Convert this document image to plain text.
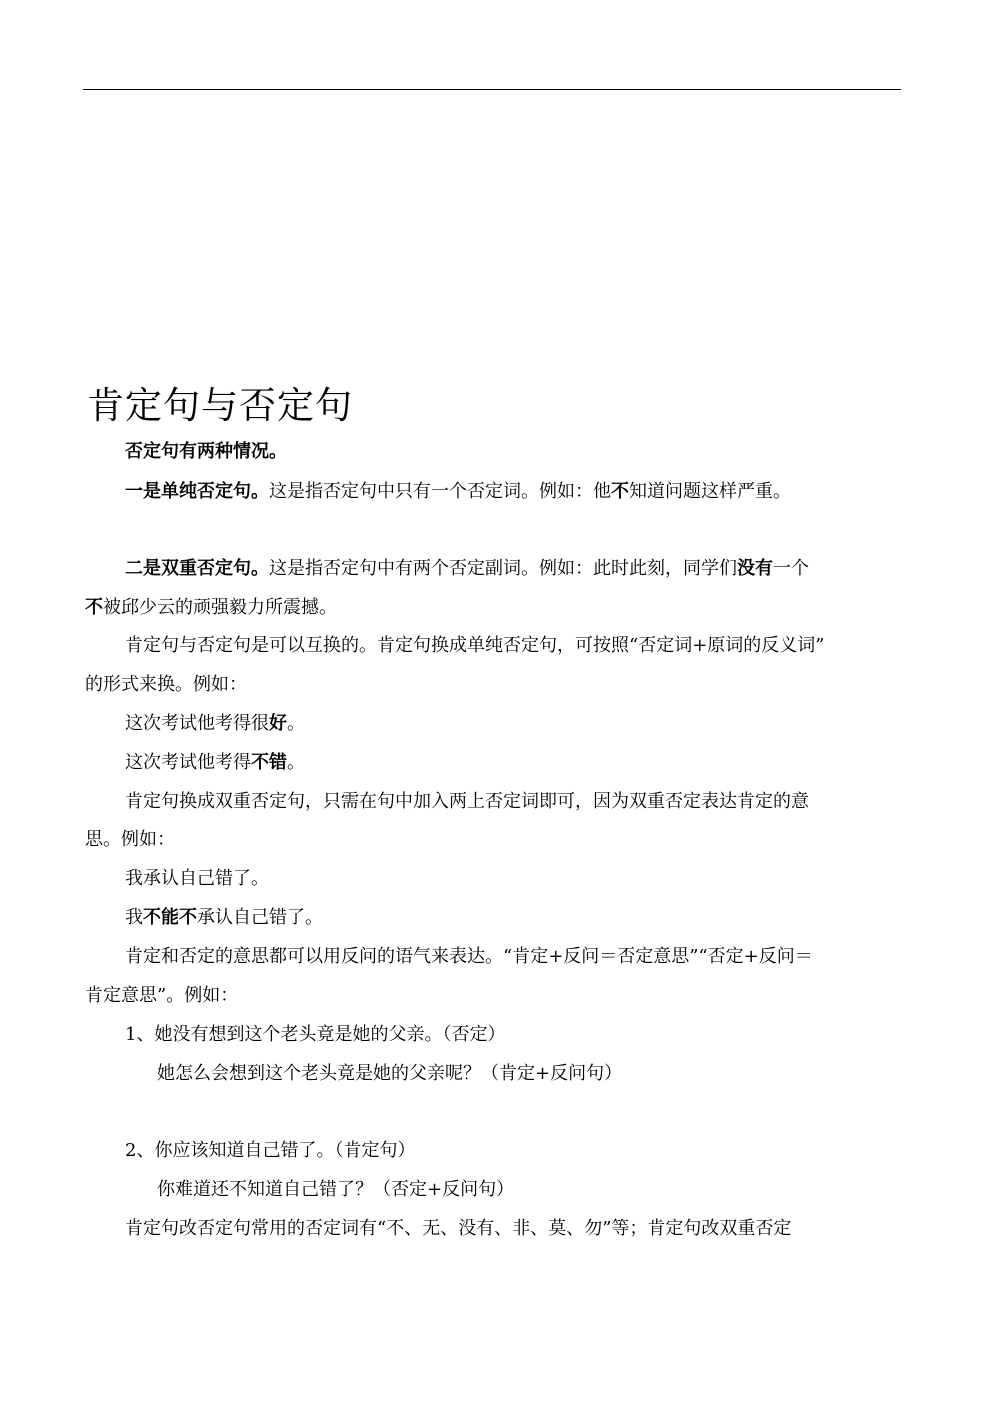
肯定句与否定句
否定句有两种情况。
一是单纯否定句。这是指否定句中只有一个否定词。例如：他不知道问题这样严重。
二是双重否定句。这是指否定句中有两个否定副词。例如：此时此刻，同学们没有一个
不被邱少云的顽强毅力所震撼。
肯定句与否定句是可以互换的。肯定句换成单纯否定句，可按照“否定词+原词的反义词”
的形式来换。例如：
这次考试他考得很好。
这次考试他考得不错。
肯定句换成双重否定句，只需在句中加入两上否定词即可，因为双重否定表达肯定的意
思。例如：
我承认自己错了。
我不能不承认自己错了。
肯定和否定的意思都可以用反问的语气来表达。“肯定+反问＝否定意思”“否定+反问＝
肯定意思”。例如：
1、她没有想到这个老头竟是她的父亲。（否定）
她怎么会想到这个老头竟是她的父亲呢？（肯定+反问句）
2、你应该知道自己错了。（肯定句）
你难道还不知道自己错了？（否定+反问句）
肯定句改否定句常用的否定词有“不、无、没有、非、莫、勿”等；肯定句改双重否定
